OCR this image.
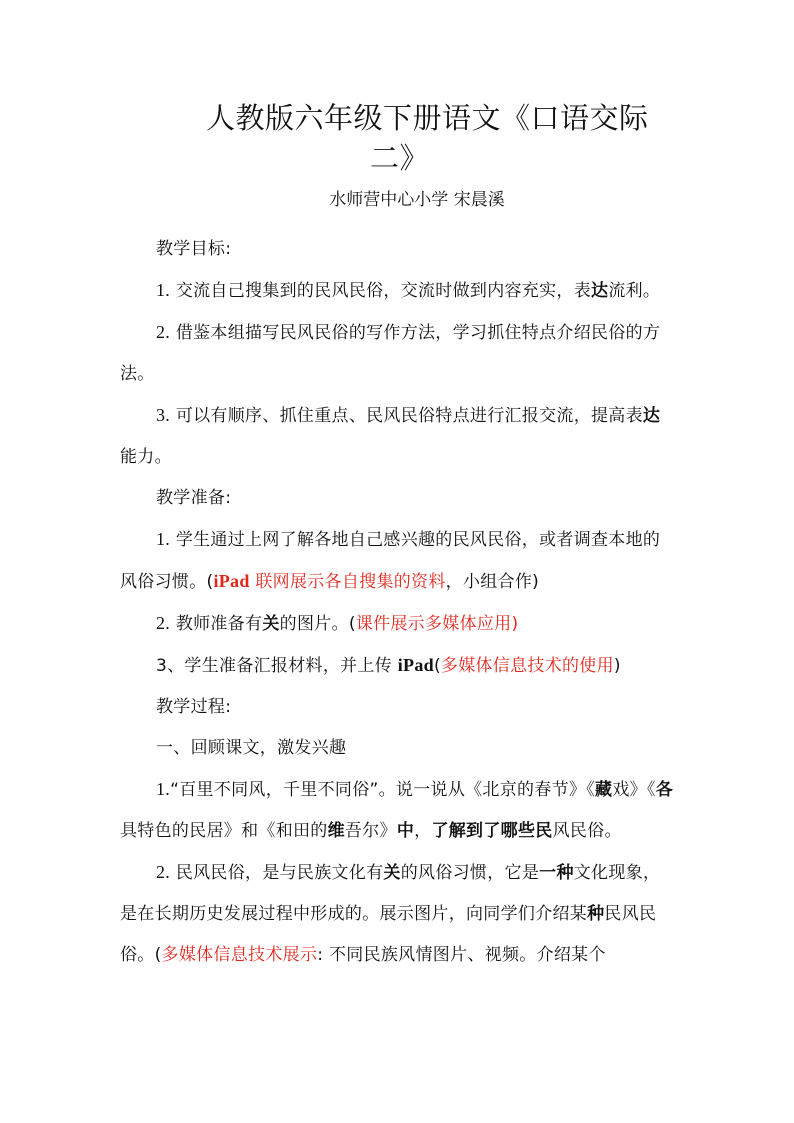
人教版六年级下册语文《口语交际
二》
水师营中心小学 宋晨溪

教学目标:

1. 交流自己搜集到的民风民俗，交流时做到内容充实，表达流利。

2. 借鉴本组描写民风民俗的写作方法，学习抓住特点介绍民俗的方法。

3. 可以有顺序、抓住重点、民风民俗特点进行汇报交流，提高表达能力。

教学准备:

1. 学生通过上网了解各地自己感兴趣的民风民俗，或者调查本地的风俗习惯。(iPad 联网展示各自搜集的资料，小组合作)

2. 教师准备有关的图片。(课件展示多媒体应用)

3、学生准备汇报材料，并上传 iPad(多媒体信息技术的使用)

教学过程:

一、回顾课文，激发兴趣

1.“百里不同风，千里不同俗”。说一说从《北京的春节》《藏戏》《各具特色的民居》和《和田的维吾尔》中，了解到了哪些民风民俗。

2. 民风民俗，是与民族文化有关的风俗习惯，它是一种文化现象，是在长期历史发展过程中形成的。展示图片，向同学们介绍某种民风民俗。(多媒体信息技术展示: 不同民族风情图片、视频。介绍某个
